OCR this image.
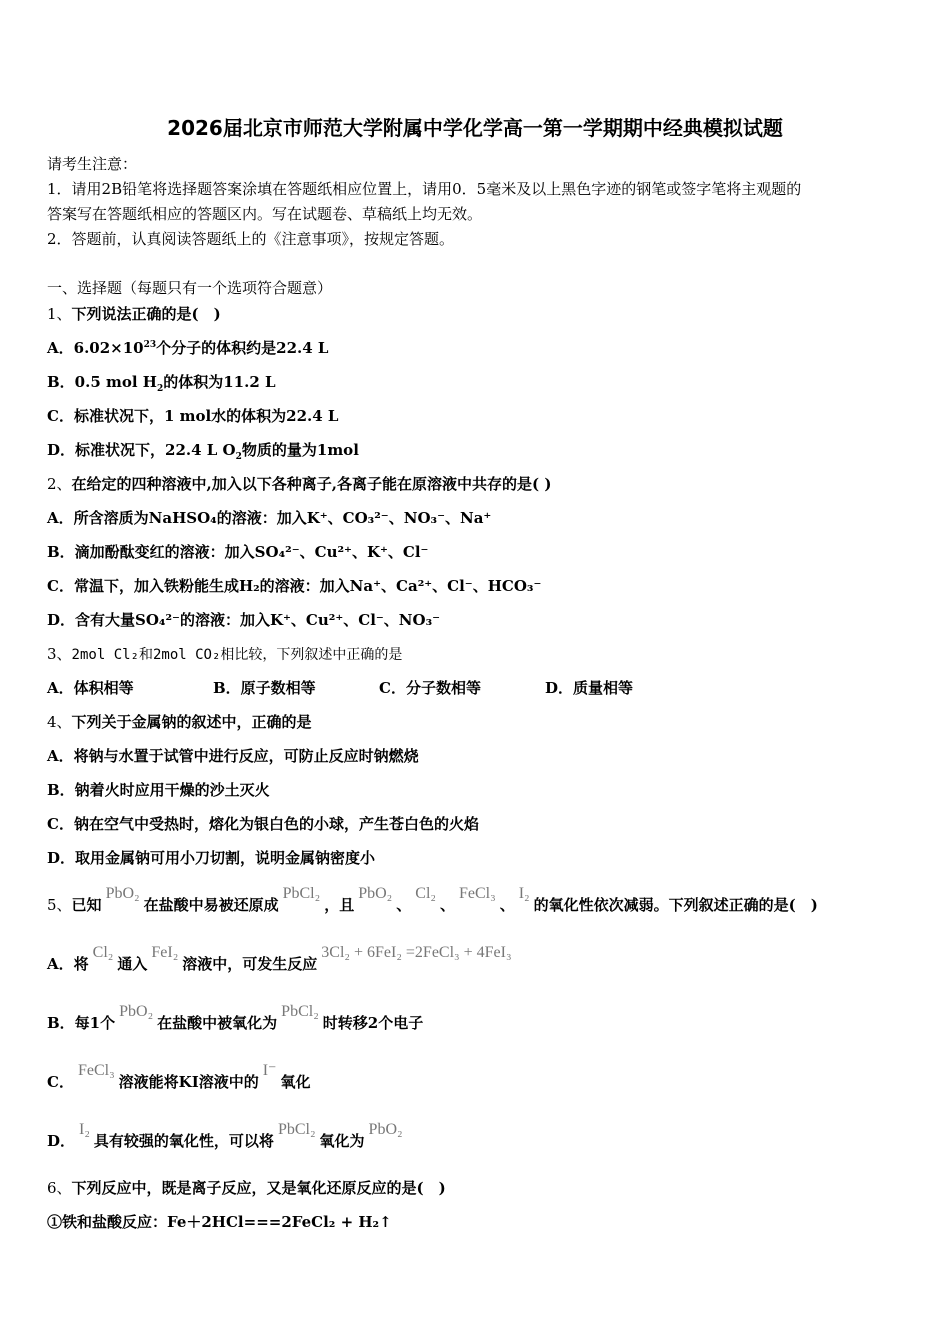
2026届北京市师范大学附属中学化学高一第一学期期中经典模拟试题
请考生注意：
1．请用2B铅笔将选择题答案涂填在答题纸相应位置上，请用0．5毫米及以上黑色字迹的钢笔或签字笔将主观题的
答案写在答题纸相应的答题区内。写在试题卷、草稿纸上均无效。
2．答题前，认真阅读答题纸上的《注意事项》，按规定答题。
一、选择题（每题只有一个选项符合题意）
1、下列说法正确的是(　)
A．$6.02\times 10^{23}$个分子的体积约是22.4 L
B．0.5 mol $H_2$的体积为11.2 L
C．标准状况下，1 mol水的体积为22.4 L
D．标准状况下，22.4 L $O_2$物质的量为1mol
2、在给定的四种溶液中,加入以下各种离子,各离子能在原溶液中共存的是( )
A．所含溶质为NaHSO₄的溶液：加入K⁺、CO₃²⁻、NO₃⁻、Na⁺
B．滴加酚酞变红的溶液：加入SO₄²⁻、Cu²⁺、K⁺、Cl⁻
C．常温下，加入铁粉能生成H₂的溶液：加入Na⁺、Ca²⁺、Cl⁻、HCO₃⁻
D．含有大量SO₄²⁻的溶液：加入K⁺、Cu²⁺、Cl⁻、NO₃⁻
3、2mol Cl₂和2mol CO₂相比较，下列叙述中正确的是
A．体积相等	B．原子数相等	C．分子数相等	D．质量相等
4、下列关于金属钠的叙述中，正确的是
A．将钠与水置于试管中进行反应，可防止反应时钠燃烧
B．钠着火时应用干燥的沙土灭火
C．钠在空气中受热时，熔化为银白色的小球，产生苍白色的火焰
D．取用金属钠可用小刀切割，说明金属钠密度小
5、已知PbO₂在盐酸中易被还原成PbCl₂，且PbO₂、Cl₂、FeCl₃、I₂的氧化性依次减弱。下列叙述正确的是(　)
A．将Cl₂通入FeI₂溶液中，可发生反应3Cl₂ + 6FeI₂ =2FeCl₃ + 4FeI₃
B．每1个PbO₂在盐酸中被氧化为PbCl₂时转移2个电子
C．FeCl₃溶液能将KI溶液中的I⁻氧化
D．I₂具有较强的氧化性，可以将PbCl₂氧化为PbO₂
6、下列反应中，既是离子反应，又是氧化还原反应的是(　)
①铁和盐酸反应：Fe＋2HCl===2FeCl₂ + H₂↑
